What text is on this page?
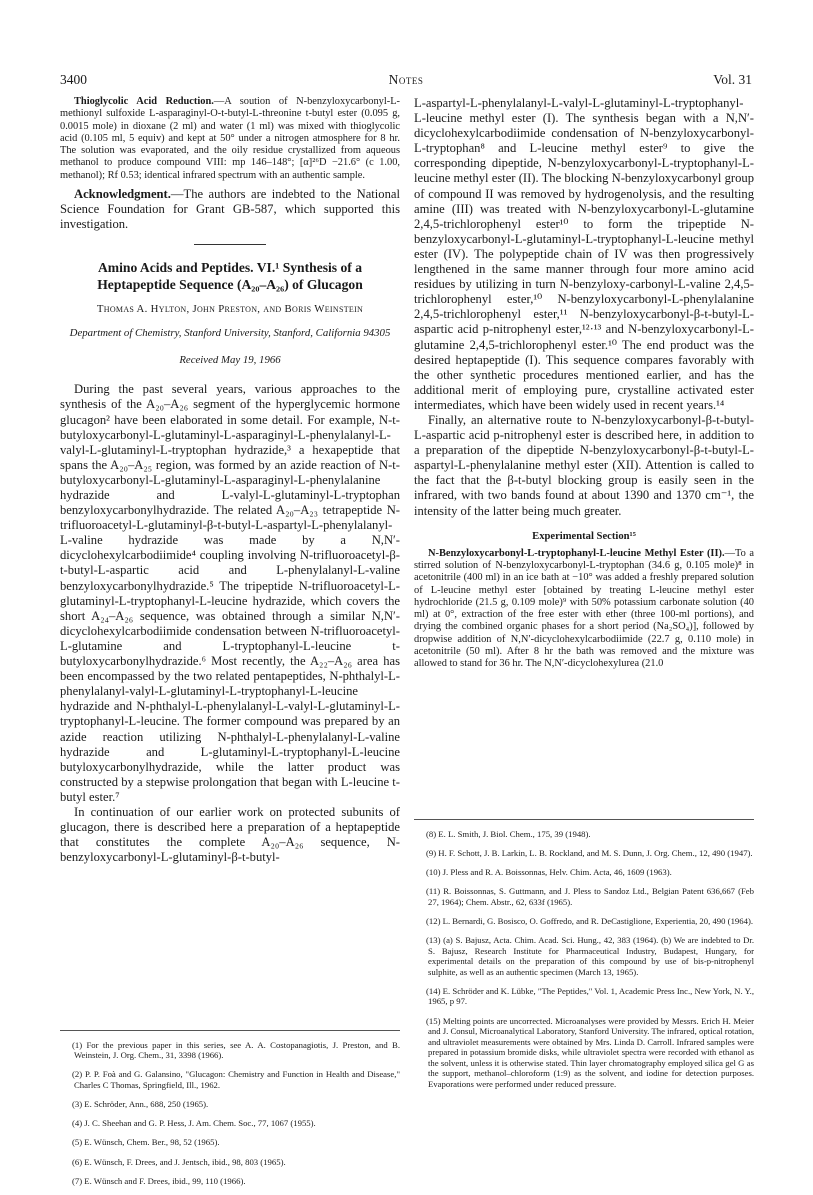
3400	Notes	Vol. 31

Thioglycolic Acid Reduction.—A soution of N-benzyloxycarbonyl-L-methionyl sulfoxide L-asparaginyl-O-t-butyl-L-threonine t-butyl ester (0.095 g, 0.0015 mole) in dioxane (2 ml) and water (1 ml) was mixed with thioglycolic acid (0.105 ml, 5 equiv) and kept at 50° under a nitrogen atmosphere for 8 hr. The solution was evaporated, and the oily residue crystallized from aqueous methanol to produce compound VIII: mp 146–148°; [α]²⁶D −21.6° (c 1.00, methanol); Rf 0.53; identical infrared spectrum with an authentic sample.

Acknowledgment.—The authors are indebted to the National Science Foundation for Grant GB-587, which supported this investigation.

Amino Acids and Peptides. VI.¹ Synthesis of a Heptapeptide Sequence (A₂₀–A₂₆) of Glucagon

Thomas A. Hylton, John Preston, and Boris Weinstein

Department of Chemistry, Stanford University, Stanford, California 94305

Received May 19, 1966

During the past several years, various approaches to the synthesis of the A₂₀–A₂₆ segment of the hyperglycemic hormone glucagon² have been elaborated in some detail. For example, N-t-butyloxycarbonyl-L-glutaminyl-L-asparaginyl-L-phenylalanyl-L-valyl-L-glutaminyl-L-tryptophan hydrazide,³ a hexapeptide that spans the A₂₀–A₂₅ region, was formed by an azide reaction of N-t-butyloxycarbonyl-L-glutaminyl-L-asparaginyl-L-phenylalanine hydrazide and L-valyl-L-glutaminyl-L-tryptophan benzyloxycarbonylhydrazide. The related A₂₀–A₂₃ tetrapeptide N-trifluoroacetyl-L-glutaminyl-β-t-butyl-L-aspartyl-L-phenylalanyl-L-valine hydrazide was made by a N,N′-dicyclohexylcarbodiimide⁴ coupling involving N-trifluoroacetyl-β-t-butyl-L-aspartic acid and L-phenylalanyl-L-valine benzyloxycarbonylhydrazide.⁵ The tripeptide N-trifluoroacetyl-L-glutaminyl-L-tryptophanyl-L-leucine hydrazide, which covers the short A₂₄–A₂₆ sequence, was obtained through a similar N,N′-dicyclohexylcarbodiimide condensation between N-trifluoroacetyl-L-glutamine and L-tryptophanyl-L-leucine t-butyloxycarbonylhydrazide.⁶ Most recently, the A₂₂–A₂₆ area has been encompassed by the two related pentapeptides, N-phthalyl-L-phenylalanyl-valyl-L-glutaminyl-L-tryptophanyl-L-leucine hydrazide and N-phthalyl-L-phenylalanyl-L-valyl-L-glutaminyl-L-tryptophanyl-L-leucine. The former compound was prepared by an azide reaction utilizing N-phthalyl-L-phenylalanyl-L-valine hydrazide and L-glutaminyl-L-tryptophanyl-L-leucine butyloxycarbonylhydrazide, while the latter product was constructed by a stepwise prolongation that began with L-leucine t-butyl ester.⁷

In continuation of our earlier work on protected subunits of glucagon, there is described here a preparation of a heptapeptide that constitutes the complete A₂₀–A₂₆ sequence, N-benzyloxycarbonyl-L-glutaminyl-β-t-butyl-

(1) For the previous paper in this series, see A. A. Costopanagiotis, J. Preston, and B. Weinstein, J. Org. Chem., 31, 3398 (1966).

(2) P. P. Foà and G. Galansino, "Glucagon: Chemistry and Function in Health and Disease," Charles C Thomas, Springfield, Ill., 1962.

(3) E. Schröder, Ann., 688, 250 (1965).

(4) J. C. Sheehan and G. P. Hess, J. Am. Chem. Soc., 77, 1067 (1955).

(5) E. Wünsch, Chem. Ber., 98, 52 (1965).

(6) E. Wünsch, F. Drees, and J. Jentsch, ibid., 98, 803 (1965).

(7) E. Wünsch and F. Drees, ibid., 99, 110 (1966).

L-aspartyl-L-phenylalanyl-L-valyl-L-glutaminyl-L-tryptophanyl-L-leucine methyl ester (I). The synthesis began with a N,N′-dicyclohexylcarbodiimide condensation of N-benzyloxycarbonyl-L-tryptophan⁸ and L-leucine methyl ester⁹ to give the corresponding dipeptide, N-benzyloxycarbonyl-L-tryptophanyl-L-leucine methyl ester (II). The blocking N-benzyloxycarbonyl group of compound II was removed by hydrogenolysis, and the resulting amine (III) was treated with N-benzyloxycarbonyl-L-glutamine 2,4,5-trichlorophenyl ester¹⁰ to form the tripeptide N-benzyloxycarbonyl-L-glutaminyl-L-tryptophanyl-L-leucine methyl ester (IV). The polypeptide chain of IV was then progressively lengthened in the same manner through four more amino acid residues by utilizing in turn N-benzyloxy-carbonyl-L-valine 2,4,5-trichlorophenyl ester,¹⁰ N-benzyloxycarbonyl-L-phenylalanine 2,4,5-trichlorophenyl ester,¹¹ N-benzyloxycarbonyl-β-t-butyl-L-aspartic acid p-nitrophenyl ester,¹²·¹³ and N-benzyloxycarbonyl-L-glutamine 2,4,5-trichlorophenyl ester.¹⁰ The end product was the desired heptapeptide (I). This sequence compares favorably with the other synthetic procedures mentioned earlier, and has the additional merit of employing pure, crystalline activated ester intermediates, which have been widely used in recent years.¹⁴

Finally, an alternative route to N-benzyloxycarbonyl-β-t-butyl-L-aspartic acid p-nitrophenyl ester is described here, in addition to a preparation of the dipeptide N-benzyloxycarbonyl-β-t-butyl-L-aspartyl-L-phenylalanine methyl ester (XII). Attention is called to the fact that the β-t-butyl blocking group is easily seen in the infrared, with two bands found at about 1390 and 1370 cm⁻¹, the intensity of the latter being much greater.

Experimental Section¹⁵

N-Benzyloxycarbonyl-L-tryptophanyl-L-leucine Methyl Ester (II).—To a stirred solution of N-benzyloxycarbonyl-L-tryptophan (34.6 g, 0.105 mole)⁸ in acetonitrile (400 ml) in an ice bath at −10° was added a freshly prepared solution of L-leucine methyl ester [obtained by treating L-leucine methyl ester hydrochloride (21.5 g, 0.109 mole)⁹ with 50% potassium carbonate solution (40 ml) at 0°, extraction of the free ester with ether (three 100-ml portions), and drying the combined organic phases for a short period (Na₂SO₄)], followed by dropwise addition of N,N′-dicyclohexylcarbodiimide (22.7 g, 0.110 mole) in acetonitrile (50 ml). After 8 hr the bath was removed and the mixture was allowed to stand for 36 hr. The N,N′-dicyclohexylurea (21.0

(8) E. L. Smith, J. Biol. Chem., 175, 39 (1948).

(9) H. F. Schott, J. B. Larkin, L. B. Rockland, and M. S. Dunn, J. Org. Chem., 12, 490 (1947).

(10) J. Pless and R. A. Boissonnas, Helv. Chim. Acta, 46, 1609 (1963).

(11) R. Boissonnas, S. Guttmann, and J. Pless to Sandoz Ltd., Belgian Patent 636,667 (Feb 27, 1964); Chem. Abstr., 62, 633f (1965).

(12) L. Bernardi, G. Bosisco, O. Goffredo, and R. DeCastiglione, Experientia, 20, 490 (1964).

(13) (a) S. Bajusz, Acta. Chim. Acad. Sci. Hung., 42, 383 (1964). (b) We are indebted to Dr. S. Bajusz, Research Institute for Pharmaceutical Industry, Budapest, Hungary, for experimental details on the preparation of this compound by use of bis-p-nitrophenyl sulphite, as well as an authentic specimen (March 13, 1965).

(14) E. Schröder and K. Lübke, "The Peptides," Vol. 1, Academic Press Inc., New York, N. Y., 1965, p 97.

(15) Melting points are uncorrected. Microanalyses were provided by Messrs. Erich H. Meier and J. Consul, Microanalytical Laboratory, Stanford University. The infrared, optical rotation, and ultraviolet measurements were obtained by Mrs. Linda D. Carroll. Infrared samples were prepared in potassium bromide disks, while ultraviolet spectra were recorded with ethanol as the solvent, unless it is otherwise stated. Thin layer chromatography employed silica gel G as the support, methanol–chloroform (1:9) as the solvent, and iodine for detection purposes. Evaporations were performed under reduced pressure.
